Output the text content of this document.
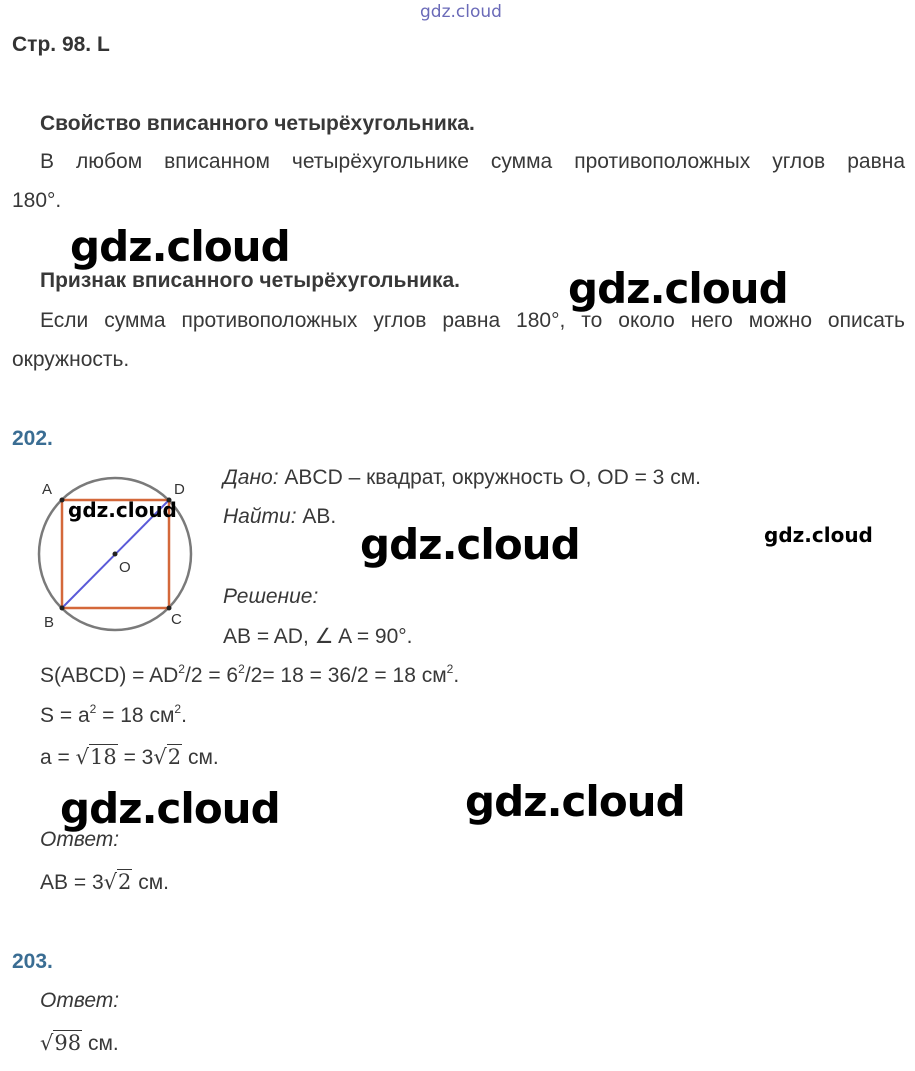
gdz.cloud
Стр. 98. L
Свойство вписанного четырёхугольника.
В любом вписанном четырёхугольнике сумма противоположных углов равна
180°.
gdz.cloud
Признак вписанного четырёхугольника.	gdz.cloud
Если сумма противоположных углов равна 180°, то около него можно описать
окружность.
202.
A	D
B	C
O
gdz.cloud
Дано: ABCD – квадрат, окружность O, OD = 3 см.
Найти: AB.
gdz.cloud	gdz.cloud
Решение:
AB = AD, ∠ A = 90°.
S(ABCD) = $AD^2/2 = 6^2/2= 18 = 36/2 = 18$ $см^2$.
$S = a^2 = 18$ $см^2$.
a = √18 = 3√2 см.
gdz.cloud	gdz.cloud
Ответ:
AB = 3√2 см.
203.
Ответ:
√98 см.
